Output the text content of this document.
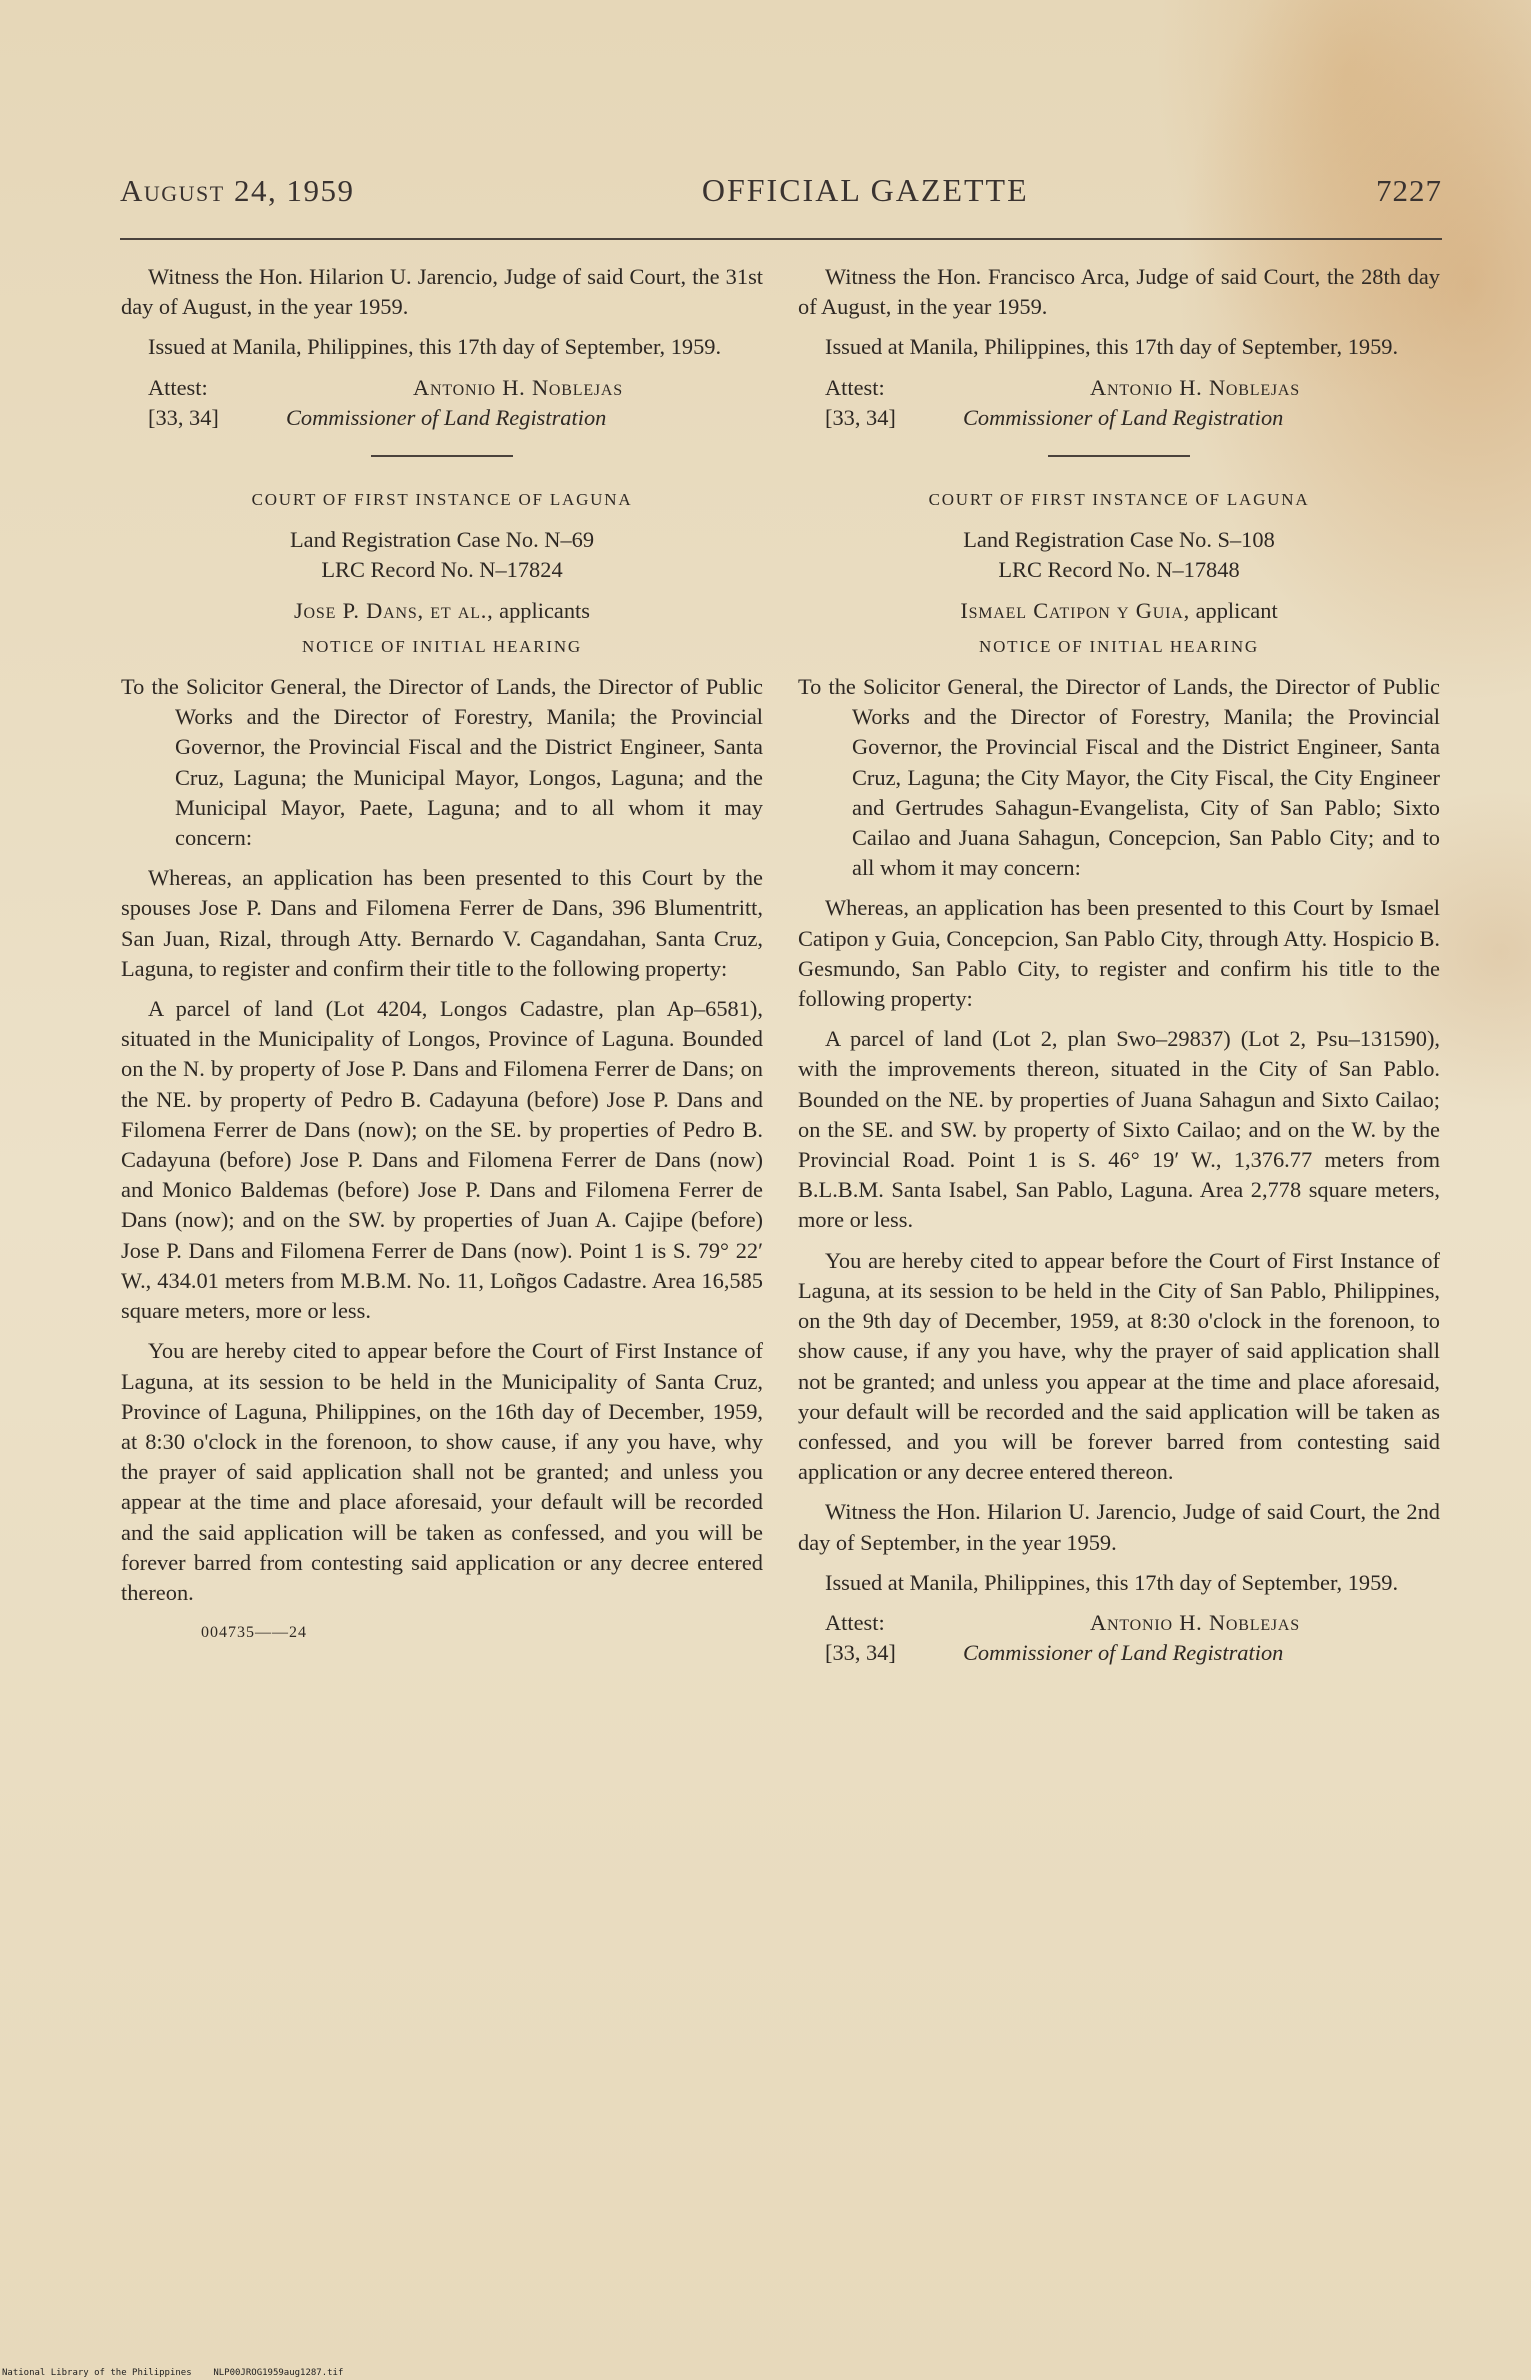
August 24, 1959	OFFICIAL GAZETTE	7227

Witness the Hon. Hilarion U. Jarencio, Judge of said Court, the 31st day of August, in the year 1959.

Issued at Manila, Philippines, this 17th day of September, 1959.

Attest:	Antonio H. Noblejas
[33, 34]	Commissioner of Land Registration
COURT OF FIRST INSTANCE OF LAGUNA
Land Registration Case No. N–69
LRC Record No. N–17824
Jose P. Dans, et al., applicants
NOTICE OF INITIAL HEARING

To the Solicitor General, the Director of Lands, the Director of Public Works and the Director of Forestry, Manila; the Provincial Governor, the Provincial Fiscal and the District Engineer, Santa Cruz, Laguna; the Municipal Mayor, Longos, Laguna; and the Municipal Mayor, Paete, Laguna; and to all whom it may concern:

Whereas, an application has been presented to this Court by the spouses Jose P. Dans and Filomena Ferrer de Dans, 396 Blumentritt, San Juan, Rizal, through Atty. Bernardo V. Cagandahan, Santa Cruz, Laguna, to register and confirm their title to the following property:

A parcel of land (Lot 4204, Longos Cadastre, plan Ap–6581), situated in the Municipality of Longos, Province of Laguna. Bounded on the N. by property of Jose P. Dans and Filomena Ferrer de Dans; on the NE. by property of Pedro B. Cadayuna (before) Jose P. Dans and Filomena Ferrer de Dans (now); on the SE. by properties of Pedro B. Cadayuna (before) Jose P. Dans and Filomena Ferrer de Dans (now) and Monico Baldemas (before) Jose P. Dans and Filomena Ferrer de Dans (now); and on the SW. by properties of Juan A. Cajipe (before) Jose P. Dans and Filomena Ferrer de Dans (now). Point 1 is S. 79° 22′ W., 434.01 meters from M.B.M. No. 11, Loñgos Cadastre. Area 16,585 square meters, more or less.

You are hereby cited to appear before the Court of First Instance of Laguna, at its session to be held in the Municipality of Santa Cruz, Province of Laguna, Philippines, on the 16th day of December, 1959, at 8:30 o'clock in the forenoon, to show cause, if any you have, why the prayer of said application shall not be granted; and unless you appear at the time and place aforesaid, your default will be recorded and the said application will be taken as confessed, and you will be forever barred from contesting said application or any decree entered thereon.

004735——24

Witness the Hon. Francisco Arca, Judge of said Court, the 28th day of August, in the year 1959.

Issued at Manila, Philippines, this 17th day of September, 1959.

Attest:	Antonio H. Noblejas
[33, 34]	Commissioner of Land Registration
COURT OF FIRST INSTANCE OF LAGUNA
Land Registration Case No. S–108
LRC Record No. N–17848
Ismael Catipon y Guia, applicant
NOTICE OF INITIAL HEARING

To the Solicitor General, the Director of Lands, the Director of Public Works and the Director of Forestry, Manila; the Provincial Governor, the Provincial Fiscal and the District Engineer, Santa Cruz, Laguna; the City Mayor, the City Fiscal, the City Engineer and Gertrudes Sahagun-Evangelista, City of San Pablo; Sixto Cailao and Juana Sahagun, Concepcion, San Pablo City; and to all whom it may concern:

Whereas, an application has been presented to this Court by Ismael Catipon y Guia, Concepcion, San Pablo City, through Atty. Hospicio B. Gesmundo, San Pablo City, to register and confirm his title to the following property:

A parcel of land (Lot 2, plan Swo–29837) (Lot 2, Psu–131590), with the improvements thereon, situated in the City of San Pablo. Bounded on the NE. by properties of Juana Sahagun and Sixto Cailao; on the SE. and SW. by property of Sixto Cailao; and on the W. by the Provincial Road. Point 1 is S. 46° 19′ W., 1,376.77 meters from B.L.B.M. Santa Isabel, San Pablo, Laguna. Area 2,778 square meters, more or less.

You are hereby cited to appear before the Court of First Instance of Laguna, at its session to be held in the City of San Pablo, Philippines, on the 9th day of December, 1959, at 8:30 o'clock in the forenoon, to show cause, if any you have, why the prayer of said application shall not be granted; and unless you appear at the time and place aforesaid, your default will be recorded and the said application will be taken as confessed, and you will be forever barred from contesting said application or any decree entered thereon.

Witness the Hon. Hilarion U. Jarencio, Judge of said Court, the 2nd day of September, in the year 1959.

Issued at Manila, Philippines, this 17th day of September, 1959.

Attest:	Antonio H. Noblejas
[33, 34]	Commissioner of Land Registration
National Library of the Philippines NLP00JROG1959aug1287.tif
